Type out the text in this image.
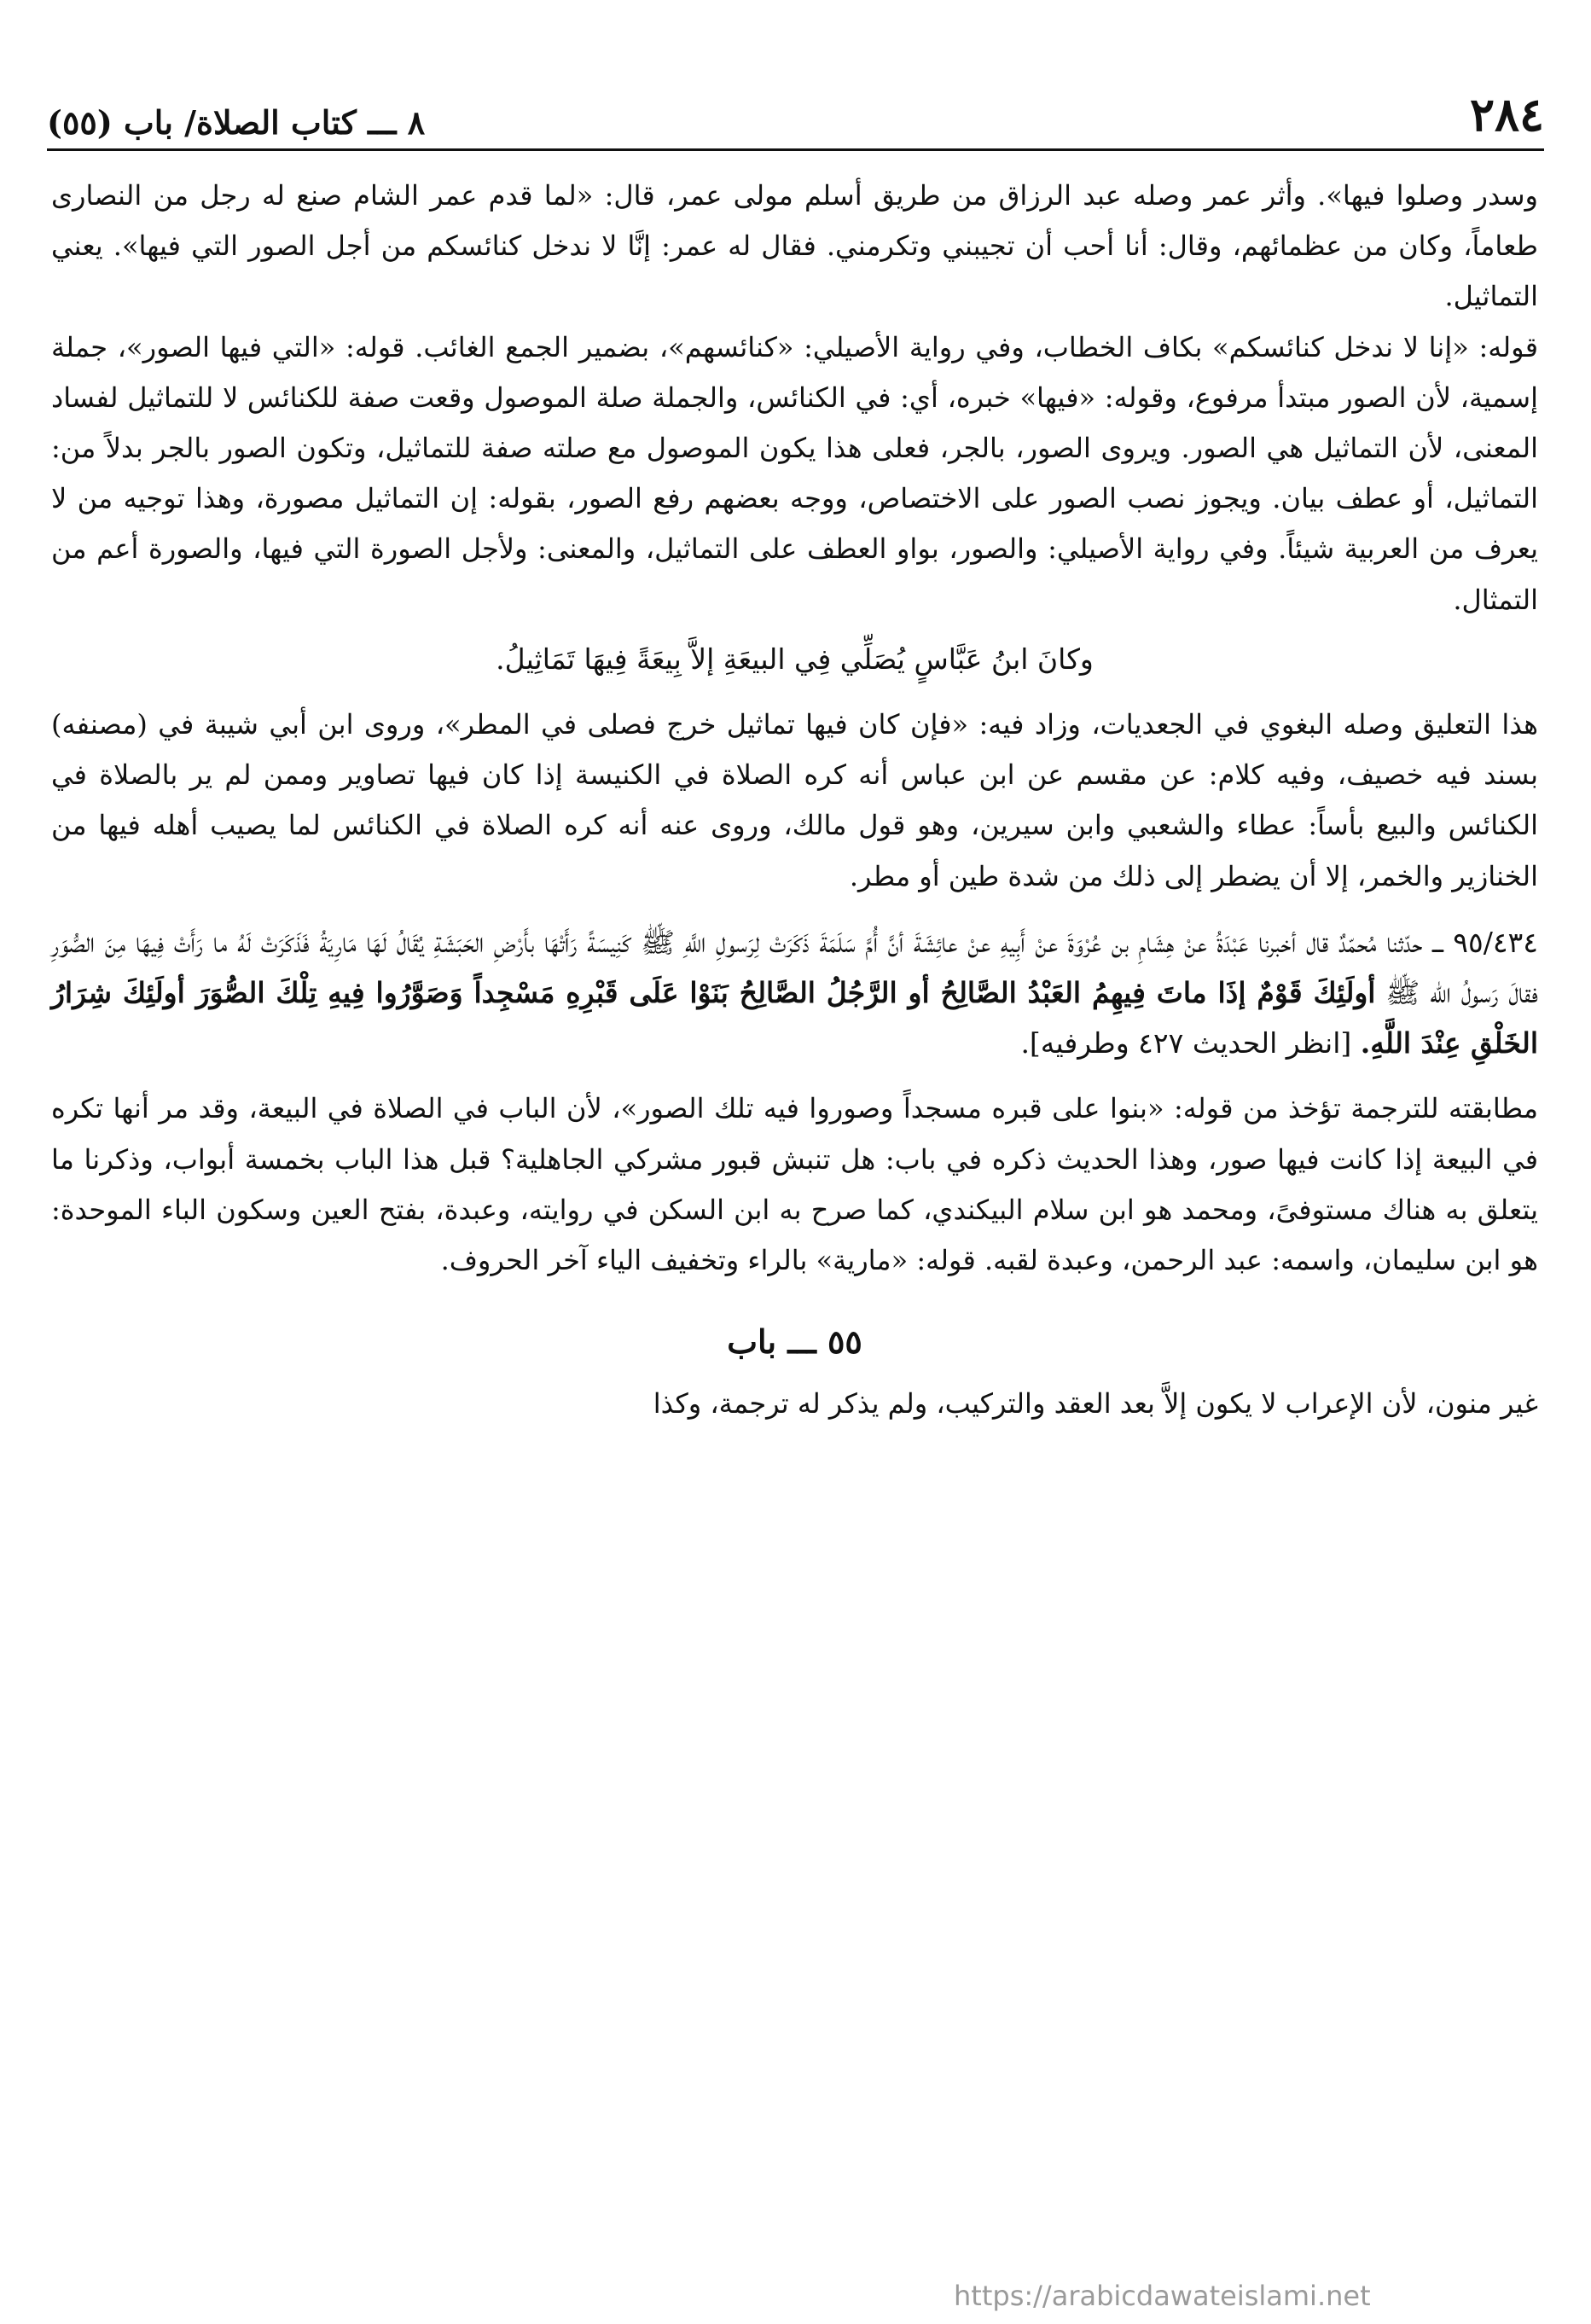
٢٨٤
٨ ـــ كتاب الصلاة/ باب (٥٥)

وسدر وصلوا فيها». وأثر عمر وصله عبد الرزاق من طريق أسلم مولى عمر، قال: «لما قدم عمر الشام صنع له رجل من النصارى طعاماً، وكان من عظمائهم، وقال: أنا أحب أن تجيبني وتكرمني. فقال له عمر: إنَّا لا ندخل كنائسكم من أجل الصور التي فيها». يعني التماثيل.

قوله: «إنا لا ندخل كنائسكم» بكاف الخطاب، وفي رواية الأصيلي: «كنائسهم»، بضمير الجمع الغائب. قوله: «التي فيها الصور»، جملة إسمية، لأن الصور مبتدأ مرفوع، وقوله: «فيها» خبره، أي: في الكنائس، والجملة صلة الموصول وقعت صفة للكنائس لا للتماثيل لفساد المعنى، لأن التماثيل هي الصور. ويروى الصور، بالجر، فعلى هذا يكون الموصول مع صلته صفة للتماثيل، وتكون الصور بالجر بدلاً من: التماثيل، أو عطف بيان. ويجوز نصب الصور على الاختصاص، ووجه بعضهم رفع الصور، بقوله: إن التماثيل مصورة، وهذا توجيه من لا يعرف من العربية شيئاً. وفي رواية الأصيلي: والصور، بواو العطف على التماثيل، والمعنى: ولأجل الصورة التي فيها، والصورة أعم من التمثال.

وكانَ ابنُ عَبَّاسٍ يُصَلِّي فِي البيعَةِ إلاَّ بِيعَةً فِيهَا تَمَاثِيلُ.

هذا التعليق وصله البغوي في الجعديات، وزاد فيه: «فإن كان فيها تماثيل خرج فصلى في المطر»، وروى ابن أبي شيبة في (مصنفه) بسند فيه خصيف، وفيه كلام: عن مقسم عن ابن عباس أنه كره الصلاة في الكنيسة إذا كان فيها تصاوير وممن لم ير بالصلاة في الكنائس والبيع بأساً: عطاء والشعبي وابن سيرين، وهو قول مالك، وروى عنه أنه كره الصلاة في الكنائس لما يصيب أهله فيها من الخنازير والخمر، إلا أن يضطر إلى ذلك من شدة طين أو مطر.

٩٥/٤٣٤ ـــ حدّثنا مُحمّدٌ قال أخبرنا عَبْدَةُ عنْ هِشَامِ بن عُرْوَةَ عنْ أَبِيهِ عنْ عائِشَةَ أنَّ أُمَّ سَلَمَةَ ذَكَرَتْ لِرَسولِ اللَّهِ ﷺ كَنِيسَةً رَأَتْهَا بأَرْضِ الحَبَشَةِ يُقَالُ لَهَا مَارِيَةُ فَذَكَرَتْ لَهُ ما رَأَتْ فِيهَا مِنَ الصُّوَرِ فقالَ رَسولُ الله ﷺ أولَئِكَ قَوْمٌ إذَا ماتَ فِيهِمُ العَبْدُ الصَّالِحُ أو الرَّجُلُ الصَّالِحُ بَنَوْا عَلَى قَبْرِهِ مَسْجِداً وَصَوَّرُوا فِيهِ تِلْكَ الصُّوَرَ أولَئِكَ شِرَارُ الخَلْقِ عِنْدَ اللَّهِ. [انظر الحديث ٤٢٧ وطرفيه].

مطابقته للترجمة تؤخذ من قوله: «بنوا على قبره مسجداً وصوروا فيه تلك الصور»، لأن الباب في الصلاة في البيعة، وقد مر أنها تكره في البيعة إذا كانت فيها صور، وهذا الحديث ذكره في باب: هل تنبش قبور مشركي الجاهلية؟ قبل هذا الباب بخمسة أبواب، وذكرنا ما يتعلق به هناك مستوفىً، ومحمد هو ابن سلام البيكندي، كما صرح به ابن السكن في روايته، وعبدة، بفتح العين وسكون الباء الموحدة: هو ابن سليمان، واسمه: عبد الرحمن، وعبدة لقبه. قوله: «مارية» بالراء وتخفيف الياء آخر الحروف.

٥٥ ـــ باب

غير منون، لأن الإعراب لا يكون إلاَّ بعد العقد والتركيب، ولم يذكر له ترجمة، وكذا

https://arabicdawateislami.net
